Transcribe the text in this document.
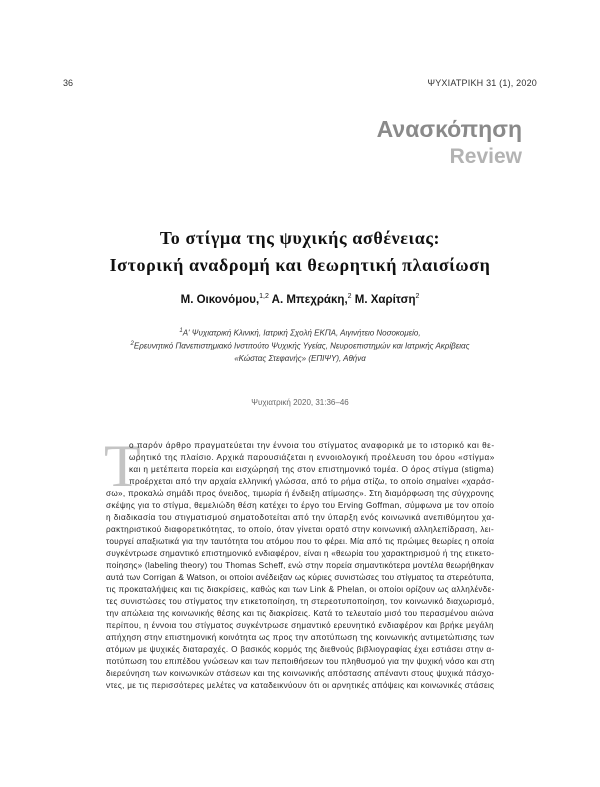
36	ΨΥΧΙΑΤΡΙΚΗ 31 (1), 2020
Ανασκόπηση
Review
Το στίγμα της ψυχικής ασθένειας:
Ιστορική αναδρομή και θεωρητική πλαισίωση
Μ. Οικονόμου,$^{1,2}$ Α. Μπεχράκη,$^2$ Μ. Χαρίτση$^2$
$^1$Α' Ψυχιατρική Κλινική, Ιατρική Σχολή ΕΚΠΑ, Αιγινήτειο Νοσοκομείο,
$^2$Ερευνητικό Πανεπιστημιακό Ινστιτούτο Ψυχικής Υγείας, Νευροεπιστημών και Ιατρικής Ακρίβειας
«Κώστας Στεφανής» (ΕΠΙΨΥ), Αθήνα
Ψυχιατρική 2020, 31:36–46
Τ
ο παρόν άρθρο πραγματεύεται την έννοια του στίγματος αναφορικά με το ιστορικό και θε-
ωρητικό της πλαίσιο. Αρχικά παρουσιάζεται η εννοιολογική προέλευση του όρου «στίγμα»
και η μετέπειτα πορεία και εισχώρησή της στον επιστημονικό τομέα. Ο όρος στίγμα (stigma)
προέρχεται από την αρχαία ελληνική γλώσσα, από το ρήμα στίζω, το οποίο σημαίνει «χαράσ-
σω», προκαλώ σημάδι προς όνειδος, τιμωρία ή ένδειξη ατίμωσης». Στη διαμόρφωση της σύγχρονης
σκέψης για το στίγμα, θεμελιώδη θέση κατέχει το έργο του Erving Goffman, σύμφωνα με τον οποίο
η διαδικασία του στιγματισμού σηματοδοτείται από την ύπαρξη ενός κοινωνικά ανεπιθύμητου χα-
ρακτηριστικού διαφορετικότητας, το οποίο, όταν γίνεται ορατό στην κοινωνική αλληλεπίδραση, λει-
τουργεί απαξιωτικά για την ταυτότητα του ατόμου που το φέρει. Μία από τις πρώιμες θεωρίες η οποία
συγκέντρωσε σημαντικό επιστημονικό ενδιαφέρον, είναι η «θεωρία του χαρακτηρισμού ή της ετικετο-
ποίησης» (labeling theory) του Thomas Scheff, ενώ στην πορεία σημαντικότερα μοντέλα θεωρήθηκαν
αυτά των Corrigan & Watson, οι οποίοι ανέδειξαν ως κύριες συνιστώσες του στίγματος τα στερεότυπα,
τις προκαταλήψεις και τις διακρίσεις, καθώς και των Link & Phelan, οι οποίοι ορίζουν ως αλληλένδε-
τες συνιστώσες του στίγματος την ετικετοποίηση, τη στερεοτυποποίηση, τον κοινωνικό διαχωρισμό,
την απώλεια της κοινωνικής θέσης και τις διακρίσεις. Κατά το τελευταίο μισό του περασμένου αιώνα
περίπου, η έννοια του στίγματος συγκέντρωσε σημαντικό ερευνητικό ενδιαφέρον και βρήκε μεγάλη
απήχηση στην επιστημονική κοινότητα ως προς την αποτύπωση της κοινωνικής αντιμετώπισης των
ατόμων με ψυχικές διαταραχές. Ο βασικός κορμός της διεθνούς βιβλιογραφίας έχει εστιάσει στην α-
ποτύπωση του επιπέδου γνώσεων και των πεποιθήσεων του πληθυσμού για την ψυχική νόσο και στη
διερεύνηση των κοινωνικών στάσεων και της κοινωνικής απόστασης απέναντι στους ψυχικά πάσχο-
ντες, με τις περισσότερες μελέτες να καταδεικνύουν ότι οι αρνητικές απόψεις και κοινωνικές στάσεις
